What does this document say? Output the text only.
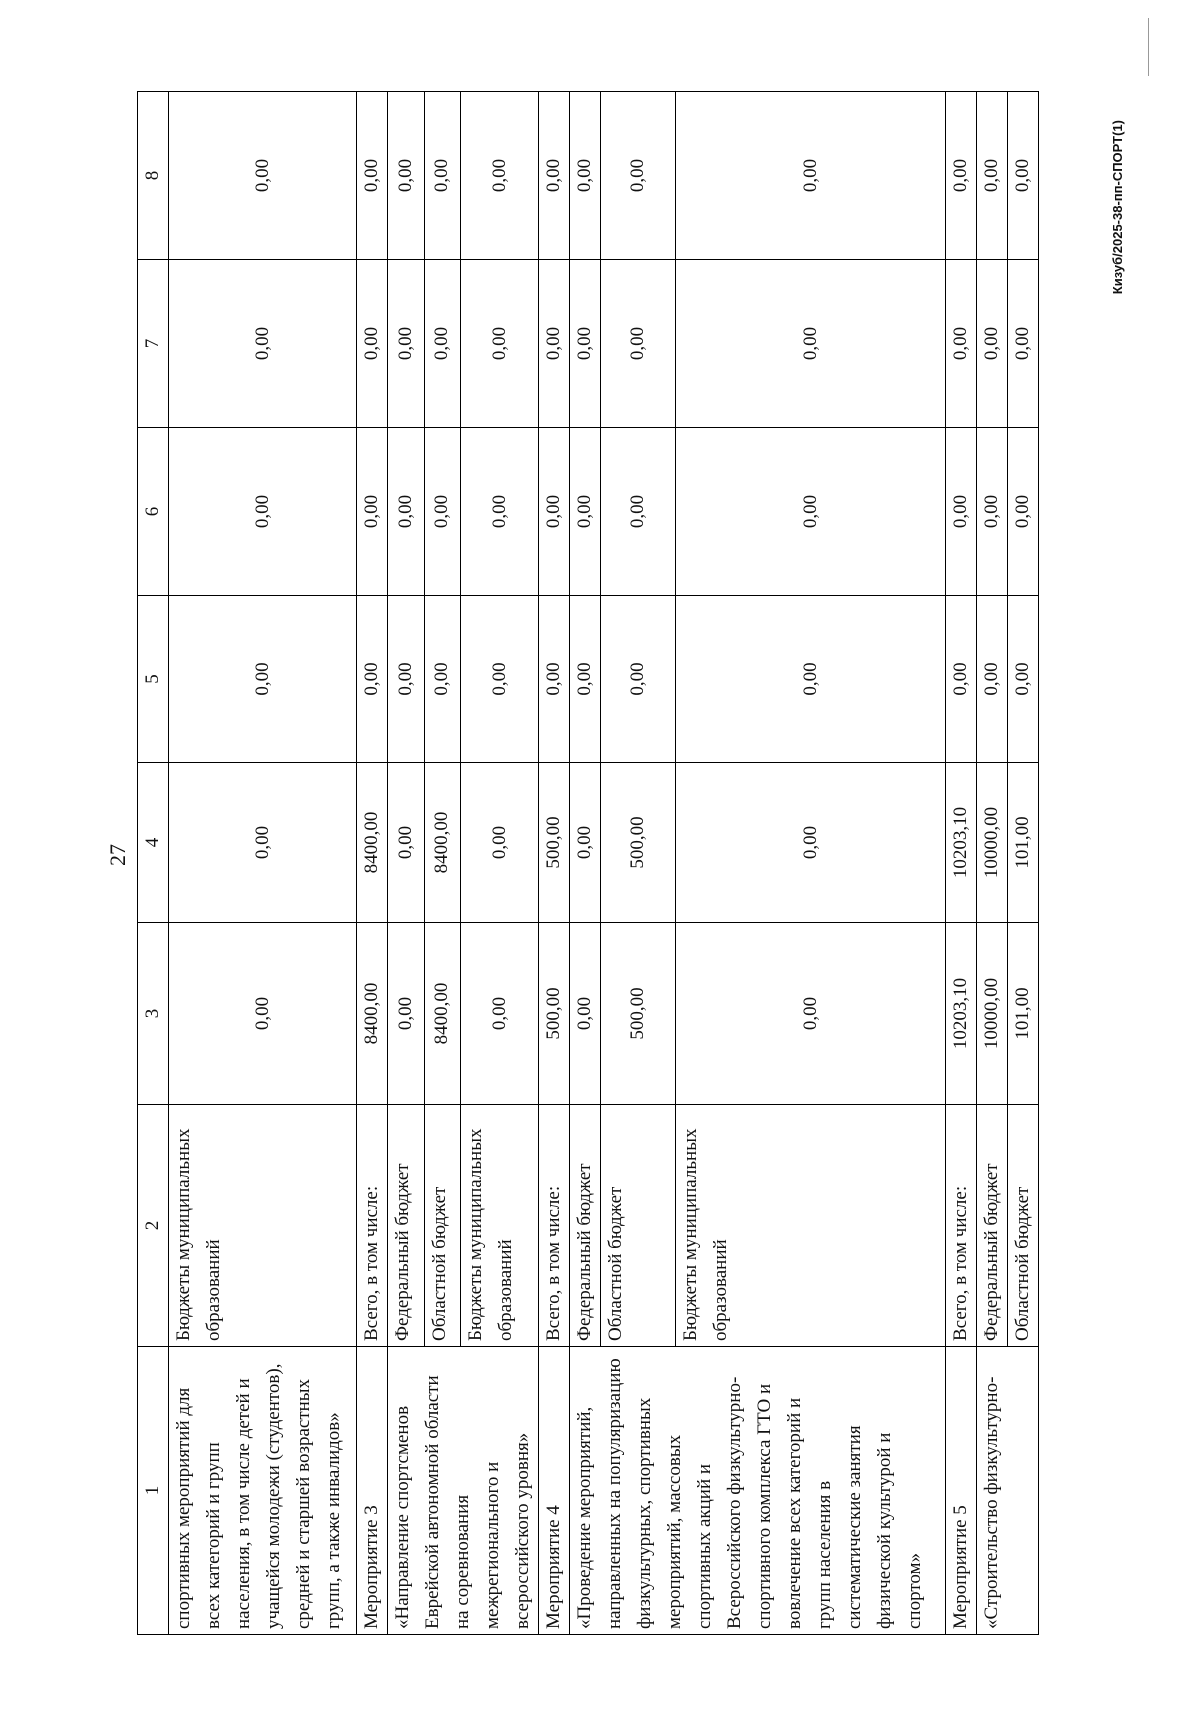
27
1	2	3	4	5	6	7	8
спортивных мероприятий для всех категорий и групп населения, в том числе детей и учащейся молодежи (студентов), средней и старшей возрастных групп, а также инвалидов»	Бюджеты муниципальных образований	0,00	0,00	0,00	0,00	0,00	0,00
Мероприятие 3	Всего, в том числе:	8400,00	8400,00	0,00	0,00	0,00	0,00
«Направление спортсменов Еврейской автономной области на соревнования межрегионального и всероссийского уровня»	Федеральный бюджет	0,00	0,00	0,00	0,00	0,00	0,00
	Областной бюджет	8400,00	8400,00	0,00	0,00	0,00	0,00
	Бюджеты муниципальных образований	0,00	0,00	0,00	0,00	0,00	0,00
Мероприятие 4	Всего, в том числе:	500,00	500,00	0,00	0,00	0,00	0,00
«Проведение мероприятий, направленных на популяризацию физкультурных, спортивных мероприятий, массовых спортивных акций и Всероссийского физкультурно-спортивного комплекса ГТО и вовлечение всех категорий и групп населения в систематические занятия физической культурой и спортом»	Федеральный бюджет	0,00	0,00	0,00	0,00	0,00	0,00
	Областной бюджет	500,00	500,00	0,00	0,00	0,00	0,00
	Бюджеты муниципальных образований	0,00	0,00	0,00	0,00	0,00	0,00
Мероприятие 5	Всего, в том числе:	10203,10	10203,10	0,00	0,00	0,00	0,00
«Строительство физкультурно-	Федеральный бюджет	10000,00	10000,00	0,00	0,00	0,00	0,00
	Областной бюджет	101,00	101,00	0,00	0,00	0,00	0,00	Кизуб/2025-38-пп-СПОРТ(1)
